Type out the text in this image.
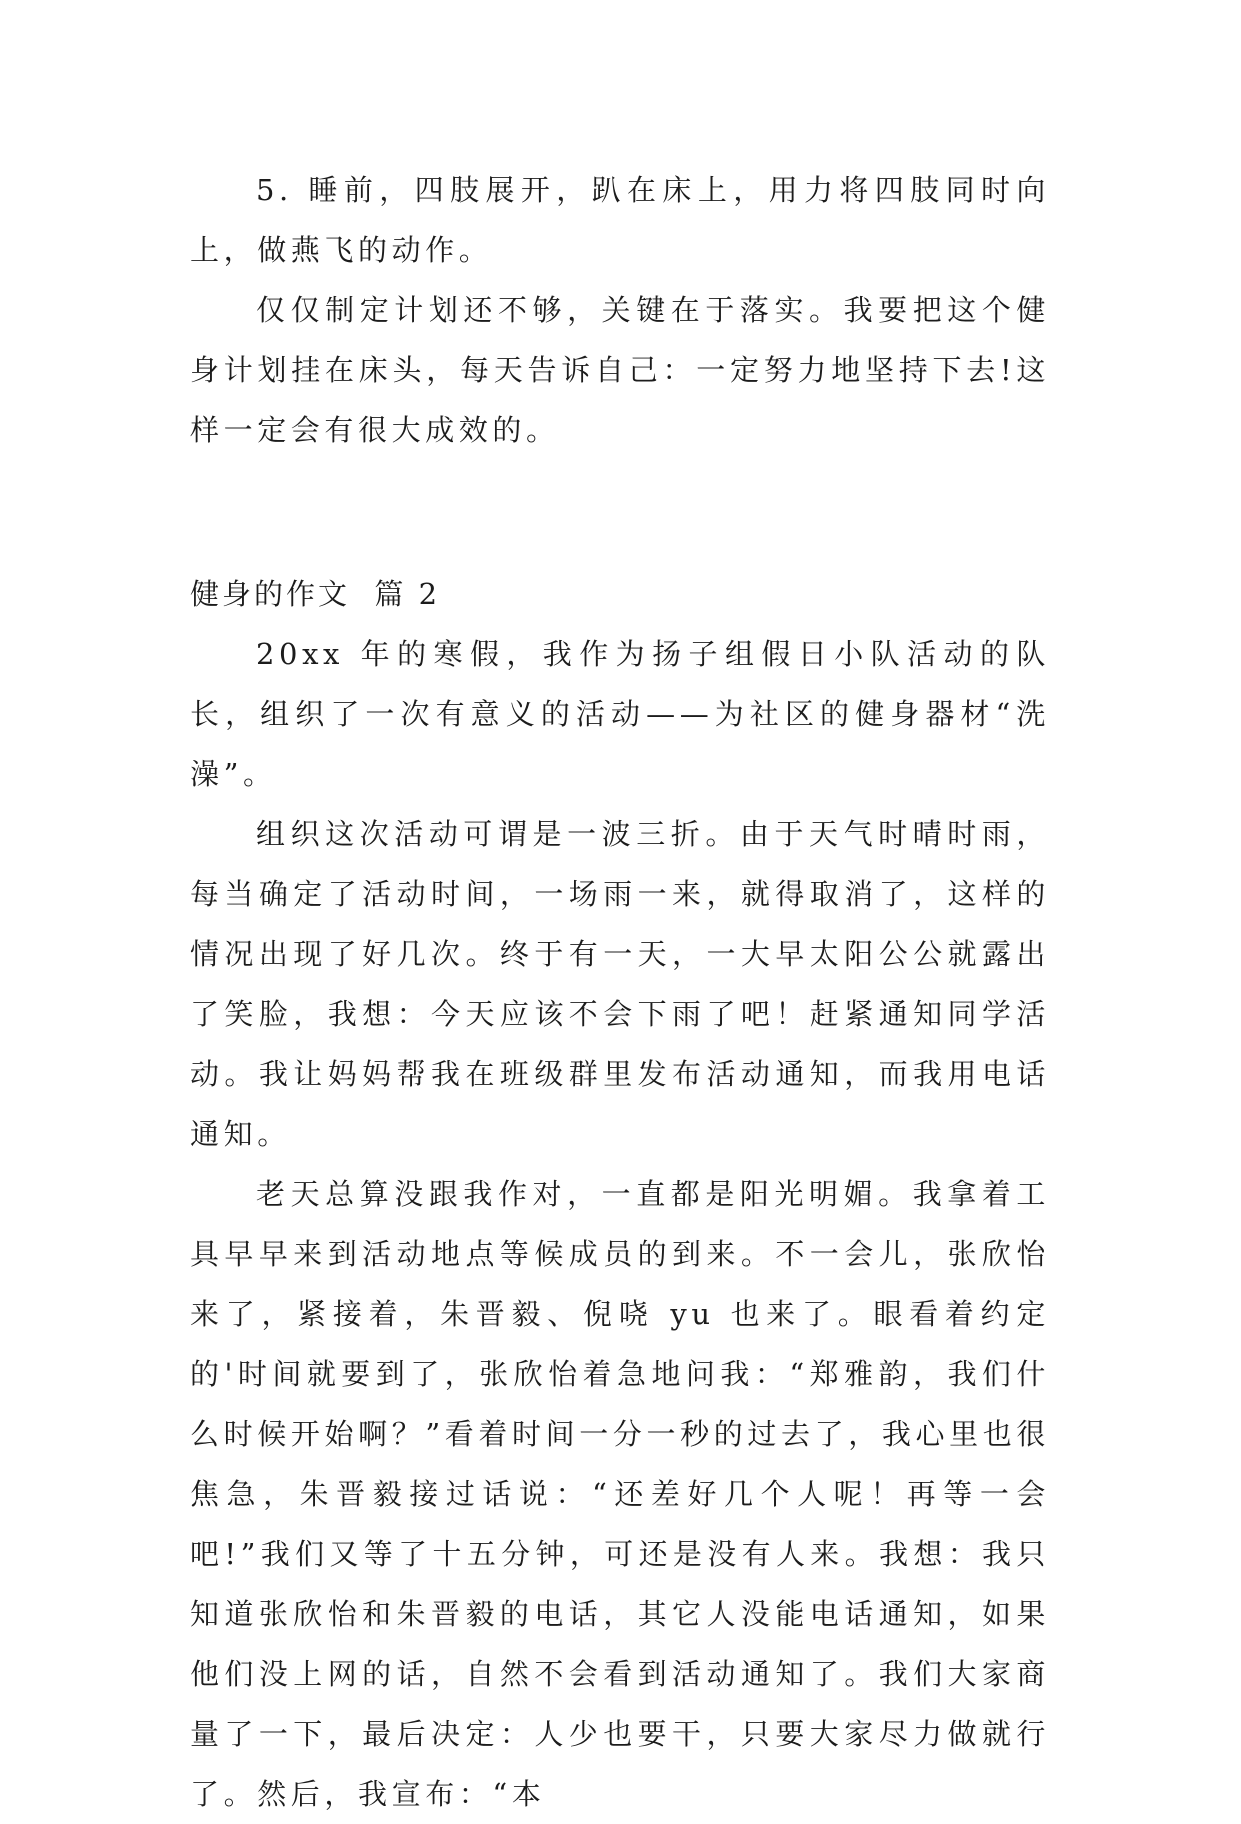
5. 睡前，四肢展开，趴在床上，用力将四肢同时向上，做燕飞的动作。

仅仅制定计划还不够，关键在于落实。我要把这个健身计划挂在床头，每天告诉自己：一定努力地坚持下去!这样一定会有很大成效的。

健身的作文  篇 2

20xx 年的寒假，我作为扬子组假日小队活动的队长，组织了一次有意义的活动——为社区的健身器材“洗澡”。

组织这次活动可谓是一波三折。由于天气时晴时雨，每当确定了活动时间，一场雨一来，就得取消了，这样的情况出现了好几次。终于有一天，一大早太阳公公就露出了笑脸，我想：今天应该不会下雨了吧！赶紧通知同学活动。我让妈妈帮我在班级群里发布活动通知，而我用电话通知。

老天总算没跟我作对，一直都是阳光明媚。我拿着工具早早来到活动地点等候成员的到来。不一会儿，张欣怡来了，紧接着，朱晋毅、倪哓 yu 也来了。眼看着约定的'时间就要到了，张欣怡着急地问我：“郑雅韵，我们什么时候开始啊？”看着时间一分一秒的过去了，我心里也很焦急，朱晋毅接过话说：“还差好几个人呢！再等一会吧!”我们又等了十五分钟，可还是没有人来。我想：我只知道张欣怡和朱晋毅的电话，其它人没能电话通知，如果他们没上网的话，自然不会看到活动通知了。我们大家商量了一下，最后决定：人少也要干，只要大家尽力做就行了。然后，我宣布：“本
